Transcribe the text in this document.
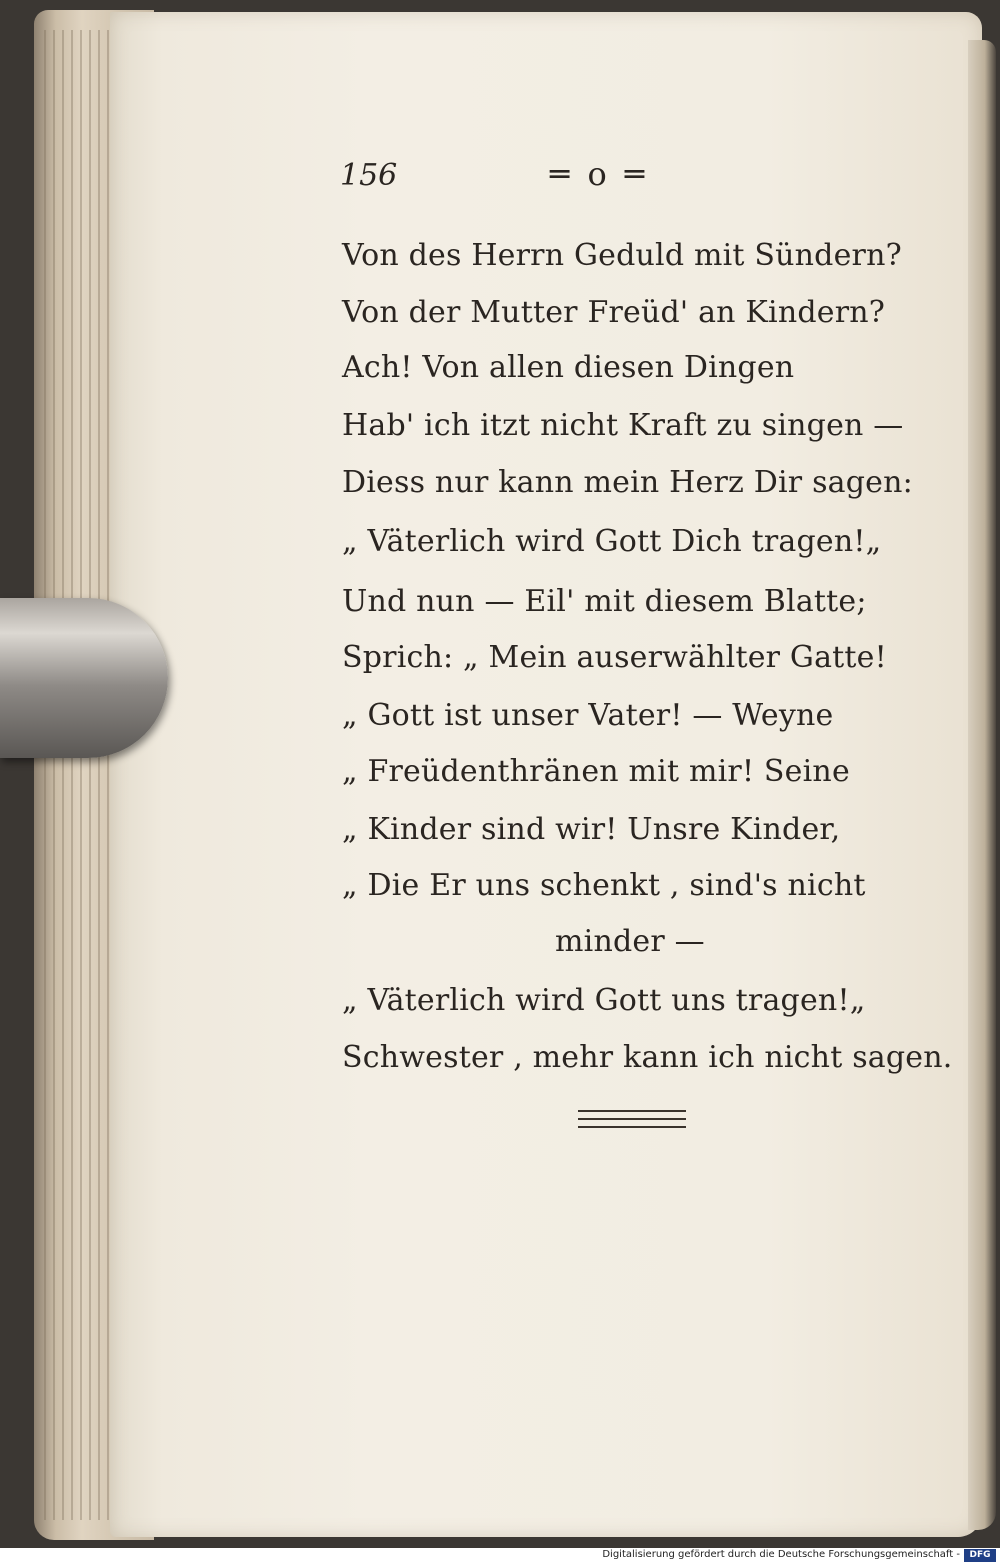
156	═ o ═
Von des Herrn Geduld mit Sündern?
Von der Mutter Freüd' an Kindern?
Ach! Von allen diesen Dingen
Hab' ich itzt nicht Kraft zu singen —
Diess nur kann mein Herz Dir sagen:
„ Väterlich wird Gott Dich tragen!„
Und nun — Eil' mit diesem Blatte;
Sprich: „ Mein auserwählter Gatte!
„ Gott ist unser Vater! — Weyne
„ Freüdenthränen mit mir! Seine
„ Kinder sind wir! Unsre Kinder,
„ Die Er uns schenkt , sind's nicht
minder —
„ Väterlich wird Gott uns tragen!„
Schwester , mehr kann ich nicht sagen.
Digitalisierung gefördert durch die Deutsche Forschungsgemeinschaft -	DFG
